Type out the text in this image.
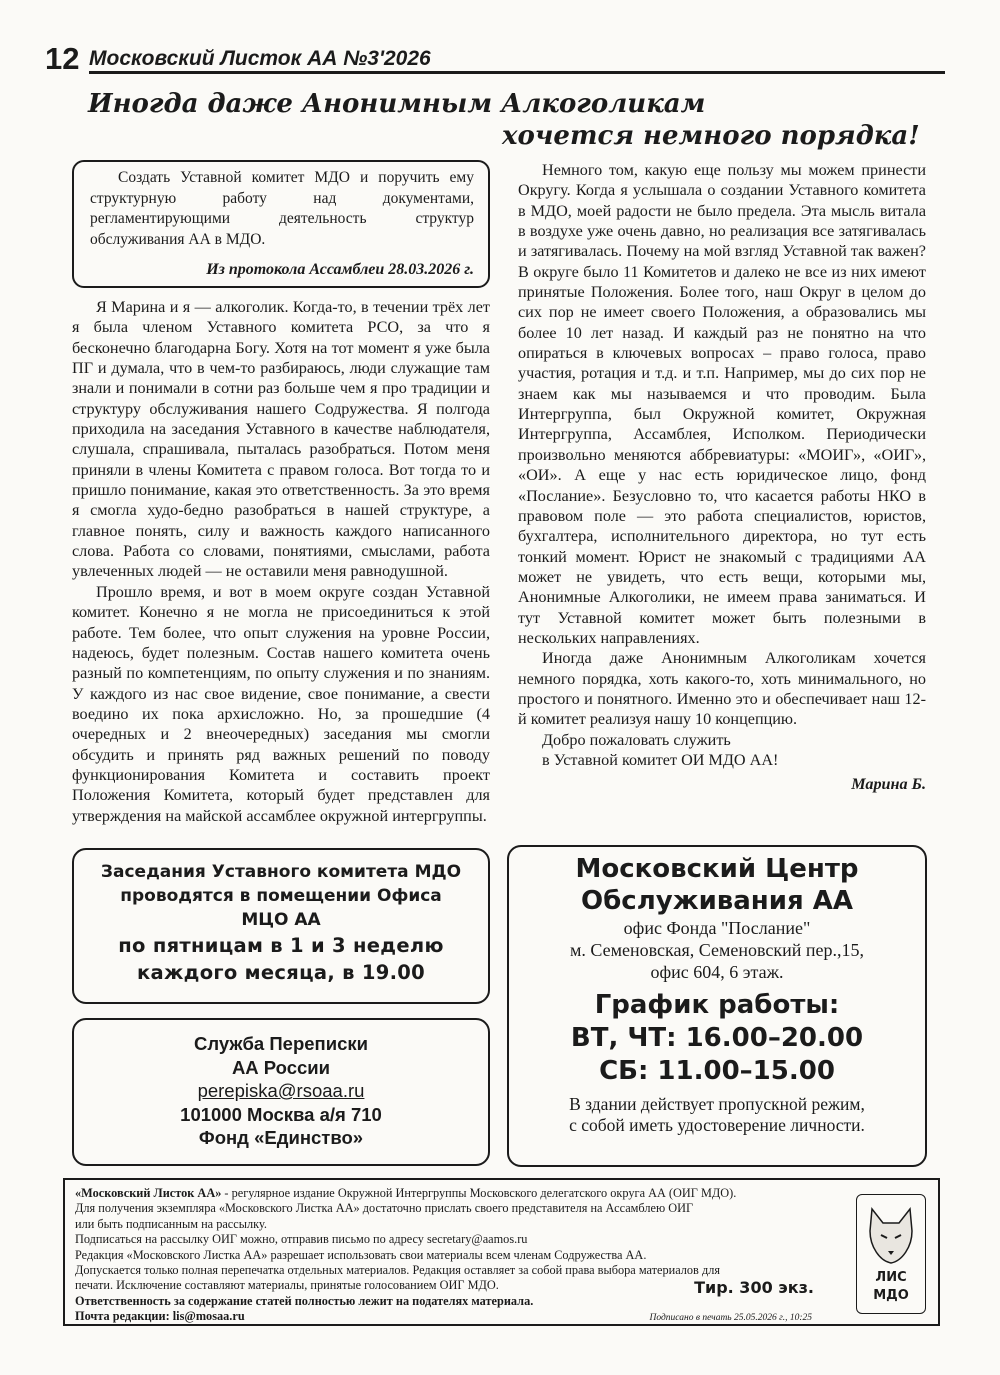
12 Московский Листок АА №3'2026
Иногда даже Анонимным Алкоголикам
хочется немного порядка!
Создать Уставной комитет МДО и поручить ему структурную работу над документами, регламентирующими деятельность структур обслуживания АА в МДО.
Из протокола Ассамблеи 28.03.2026 г.

Я Марина и я — алкоголик. Когда-то, в течении трёх лет я была членом Уставного комитета РСО, за что я бесконечно благодарна Богу. Хотя на тот момент я уже была ПГ и думала, что в чем-то разбираюсь, люди служащие там знали и понимали в сотни раз больше чем я про традиции и структуру обслуживания нашего Содружества. Я полгода приходила на заседания Уставного в качестве наблюдателя, слушала, спрашивала, пыталась разобраться. Потом меня приняли в члены Комитета с правом голоса. Вот тогда то и пришло понимание, какая это ответственность. За это время я смогла худо-бедно разобраться в нашей структуре, а главное понять, силу и важность каждого написанного слова. Работа со словами, понятиями, смыслами, работа увлеченных людей — не оставили меня равнодушной.

Прошло время, и вот в моем округе создан Уставной комитет. Конечно я не могла не присоединиться к этой работе. Тем более, что опыт служения на уровне России, надеюсь, будет полезным. Состав нашего комитета очень разный по компетенциям, по опыту служения и по знаниям. У каждого из нас свое видение, свое понимание, а свести воедино их пока архисложно. Но, за прошедшие (4 очередных и 2 внеочередных) заседания мы смогли обсудить и принять ряд важных решений по поводу функционирования Комитета и составить проект Положения Комитета, который будет представлен для утверждения на майской ассамблее окружной интергруппы.

Немного том, какую еще пользу мы можем принести Округу. Когда я услышала о создании Уставного комитета в МДО, моей радости не было предела. Эта мысль витала в воздухе уже очень давно, но реализация все затягивалась и затягивалась. Почему на мой взгляд Уставной так важен? В округе было 11 Комитетов и далеко не все из них имеют принятые Положения. Более того, наш Округ в целом до сих пор не имеет своего Положения, а образовались мы более 10 лет назад. И каждый раз не понятно на что опираться в ключевых вопросах – право голоса, право участия, ротация и т.д. и т.п. Например, мы до сих пор не знаем как мы называемся и что проводим. Была Интергруппа, был Окружной комитет, Окружная Интергруппа, Ассамблея, Исполком. Периодически произвольно меняются аббревиатуры: «МОИГ», «ОИГ», «ОИ». А еще у нас есть юридическое лицо, фонд «Послание». Безусловно то, что касается работы НКО в правовом поле — это работа специалистов, юристов, бухгалтера, исполнительного директора, но тут есть тонкий момент. Юрист не знакомый с традициями АА может не увидеть, что есть вещи, которыми мы, Анонимные Алкоголики, не имеем права заниматься. И тут Уставной комитет может быть полезными в нескольких направлениях.

Иногда даже Анонимным Алкоголикам хочется немного порядка, хоть какого-то, хоть минимального, но простого и понятного. Именно это и обеспечивает наш 12-й комитет реализуя нашу 10 концепцию.

Добро пожаловать служить
в Уставной комитет ОИ МДО АА!
Марина Б.
Заседания Уставного комитета МДО
проводятся в помещении Офиса
МЦО АА
по пятницам в 1 и 3 неделю
каждого месяца, в 19.00
Служба Переписки
АА России
perepiska@rsoaa.ru
101000 Москва а/я 710
Фонд «Единство»
Московский Центр
Обслуживания АА
офис Фонда "Послание"
м. Семеновская, Семеновский пер.,15,
офис 604, 6 этаж.
График работы:
ВТ, ЧТ: 16.00–20.00
СБ: 11.00–15.00
В здании действует пропускной режим,
с собой иметь удостоверение личности.
«Московский Листок АА» - регулярное издание Окружной Интергруппы Московского делегатского округа АА (ОИГ МДО).
Для получения экземпляра «Московского Листка АА» достаточно прислать своего представителя на Ассамблею ОИГ
или быть подписанным на рассылку.
Подписаться на рассылку ОИГ можно, отправив письмо по адресу secretary@aamos.ru
Редакция «Московского Листка АА» разрешает использовать свои материалы всем членам Содружества АА.
Допускается только полная перепечатка отдельных материалов. Редакция оставляет за собой права выбора материалов для
печати. Исключение составляют материалы, принятые голосованием ОИГ МДО.
Ответственность за содержание статей полностью лежит на подателях материала.
Почта редакции: lis@mosaa.ru
Тир. 300 экз.
Подписано в печать 25.05.2026 г., 10:25
ЛИС
МДО
